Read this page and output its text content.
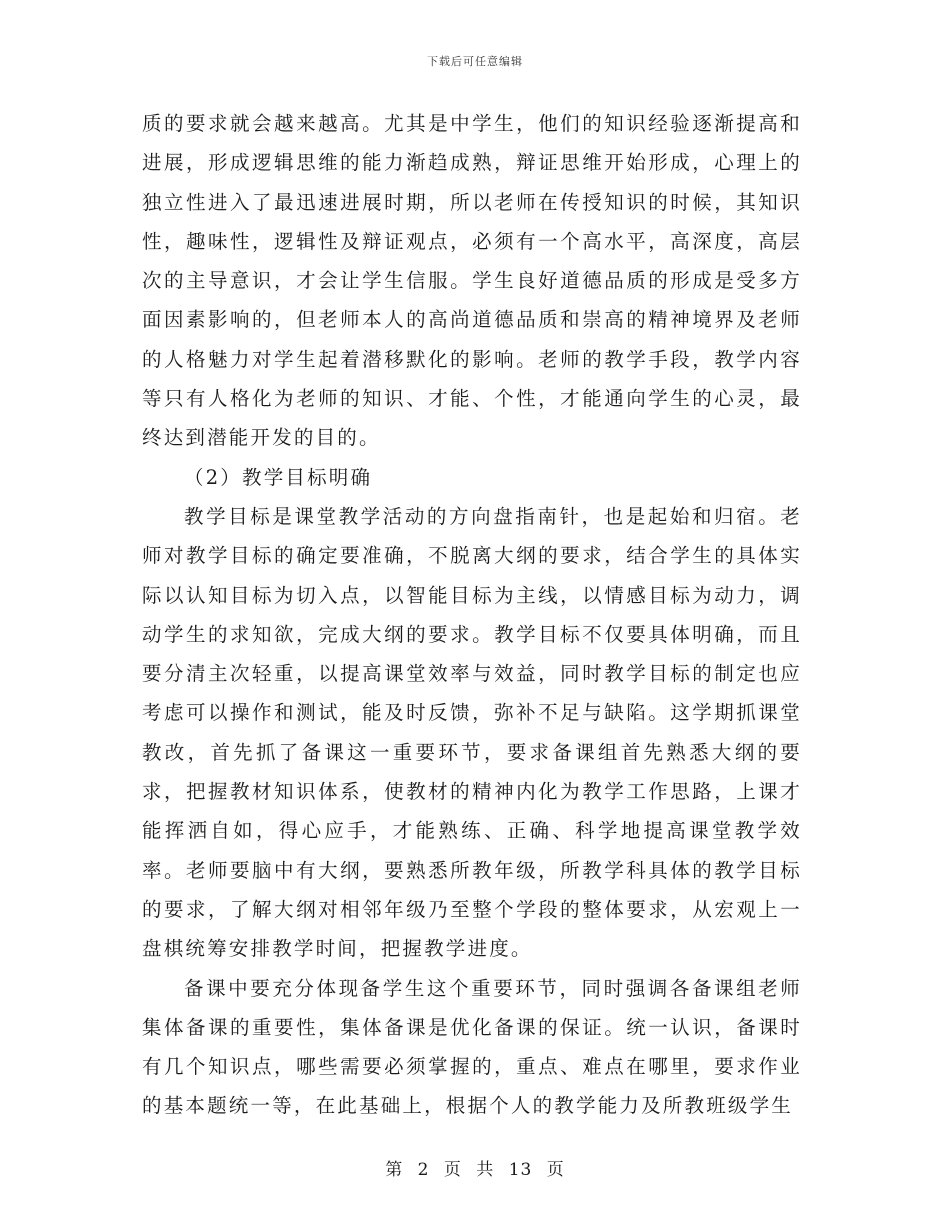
下载后可任意编辑

质的要求就会越来越高。尤其是中学生，他们的知识经验逐渐提高和进展，形成逻辑思维的能力渐趋成熟，辩证思维开始形成，心理上的独立性进入了最迅速进展时期，所以老师在传授知识的时候，其知识性，趣味性，逻辑性及辩证观点，必须有一个高水平，高深度，高层次的主导意识，才会让学生信服。学生良好道德品质的形成是受多方面因素影响的，但老师本人的高尚道德品质和崇高的精神境界及老师的人格魅力对学生起着潜移默化的影响。老师的教学手段，教学内容等只有人格化为老师的知识、才能、个性，才能通向学生的心灵，最终达到潜能开发的目的。

（2）教学目标明确

教学目标是课堂教学活动的方向盘指南针，也是起始和归宿。老师对教学目标的确定要准确，不脱离大纲的要求，结合学生的具体实际以认知目标为切入点，以智能目标为主线，以情感目标为动力，调动学生的求知欲，完成大纲的要求。教学目标不仅要具体明确，而且要分清主次轻重，以提高课堂效率与效益，同时教学目标的制定也应考虑可以操作和测试，能及时反馈，弥补不足与缺陷。这学期抓课堂教改，首先抓了备课这一重要环节，要求备课组首先熟悉大纲的要求，把握教材知识体系，使教材的精神内化为教学工作思路，上课才能挥洒自如，得心应手，才能熟练、正确、科学地提高课堂教学效率。老师要脑中有大纲，要熟悉所教年级，所教学科具体的教学目标的要求，了解大纲对相邻年级乃至整个学段的整体要求，从宏观上一盘棋统筹安排教学时间，把握教学进度。

备课中要充分体现备学生这个重要环节，同时强调各备课组老师集体备课的重要性，集体备课是优化备课的保证。统一认识，备课时有几个知识点，哪些需要必须掌握的，重点、难点在哪里，要求作业的基本题统一等，在此基础上，根据个人的教学能力及所教班级学生

第 2 页 共 13 页
